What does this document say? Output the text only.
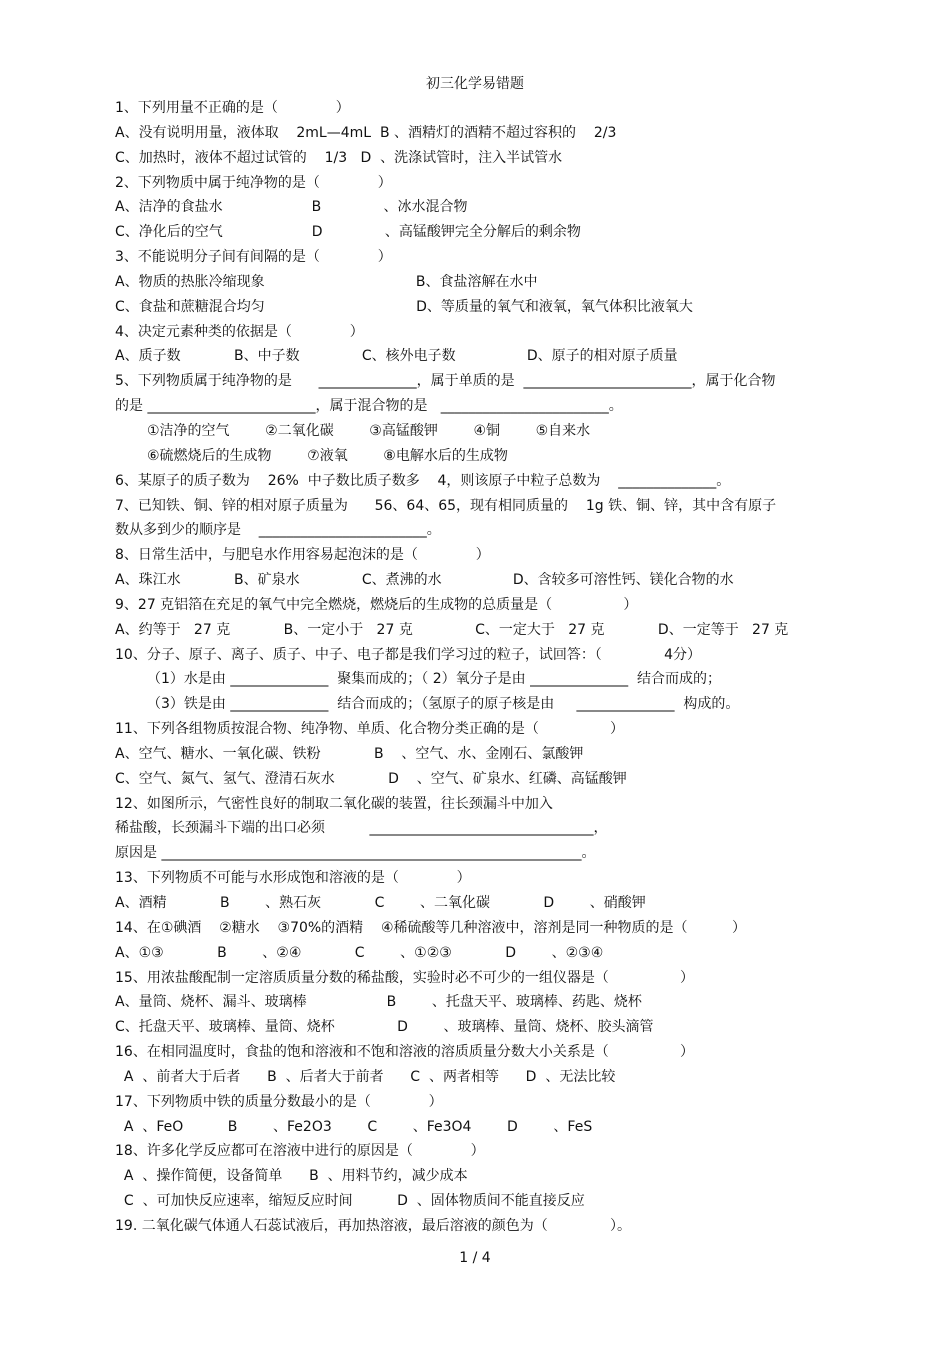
初三化学易错题
1、下列用量不正确的是（             ）
A、没有说明用量，液体取    2mL—4mL  B 、酒精灯的酒精不超过容积的    2/3
C、加热时，液体不超过试管的    1/3   D  、洗涤试管时，注入半试管水
2、下列物质中属于纯净物的是（             ）
A、洁净的食盐水                    B              、冰水混合物
C、净化后的空气                    D              、高锰酸钾完全分解后的剩余物
3、不能说明分子间有间隔的是（             ）
A、物质的热胀冷缩现象                                  B、食盐溶解在水中
C、食盐和蔗糖混合均匀                                  D、等质量的氧气和液氧，氧气体积比液氧大
4、决定元素种类的依据是（             ）
A、质子数            B、中子数              C、核外电子数                D、原子的相对原子质量
5、下列物质属于纯净物的是      ______________，属于单质的是  ________________________，属于化合物
的是 ________________________，属于混合物的是   ________________________。
①洁净的空气        ②二氧化碳        ③高锰酸钾        ④铜        ⑤自来水
⑥硫燃烧后的生成物        ⑦液氧        ⑧电解水后的生成物
6、某原子的质子数为    26%  中子数比质子数多    4，则该原子中粒子总数为    ______________。
7、已知铁、铜、锌的相对原子质量为      56、64、65，现有相同质量的    1g 铁、铜、锌，其中含有原子
数从多到少的顺序是    ________________________。
8、日常生活中，与肥皂水作用容易起泡沫的是（             ）
A、珠江水            B、矿泉水              C、煮沸的水                D、含较多可溶性钙、镁化合物的水
9、27 克铝箔在充足的氧气中完全燃烧，燃烧后的生成物的总质量是（                ）
A、约等于   27 克            B、一定小于   27 克              C、一定大于   27 克            D、一定等于   27 克
10、分子、原子、离子、质子、中子、电子都是我们学习过的粒子，试回答：（              4分）
（1）水是由 ______________  聚集而成的；（ 2）氧分子是由 ______________  结合而成的；
（3）铁是由 ______________  结合而成的；（氢原子的原子核是由     ______________  构成的。
11、下列各组物质按混合物、纯净物、单质、化合物分类正确的是（                ）
A、空气、糖水、一氧化碳、铁粉            B    、空气、水、金刚石、氯酸钾
C、空气、氮气、氢气、澄清石灰水            D    、空气、矿泉水、红磷、高锰酸钾
12、如图所示，气密性良好的制取二氧化碳的装置，往长颈漏斗中加入
稀盐酸，长颈漏斗下端的出口必须          ________________________________，
原因是 ____________________________________________________________。
13、下列物质不可能与水形成饱和溶液的是（             ）
A、酒精            B        、熟石灰            C        、二氧化碳            D        、硝酸钾
14、在①碘酒    ②糖水    ③70%的酒精    ④稀硫酸等几种溶液中，溶剂是同一种物质的是（          ）
A、①③            B        、②④            C        、①②③            D        、②③④
15、用浓盐酸配制一定溶质质量分数的稀盐酸，实验时必不可少的一组仪器是（                ）
A、量筒、烧杯、漏斗、玻璃棒                  B        、托盘天平、玻璃棒、药匙、烧杯
C、托盘天平、玻璃棒、量筒、烧杯              D        、玻璃棒、量筒、烧杯、胶头滴管
16、在相同温度时，食盐的饱和溶液和不饱和溶液的溶质质量分数大小关系是（                ）
A  、前者大于后者      B  、后者大于前者      C  、两者相等      D  、无法比较
17、下列物质中铁的质量分数最小的是（             ）
A  、FeO          B        、Fe2O3        C        、Fe3O4        D        、FeS
18、许多化学反应都可在溶液中进行的原因是（             ）
A  、操作简便，设备简单      B  、用料节约，减少成本
C  、可加快反应速率，缩短反应时间          D  、固体物质间不能直接反应
19. 二氧化碳气体通人石蕊试液后，再加热溶液，最后溶液的颜色为（              ）。
1 / 4
